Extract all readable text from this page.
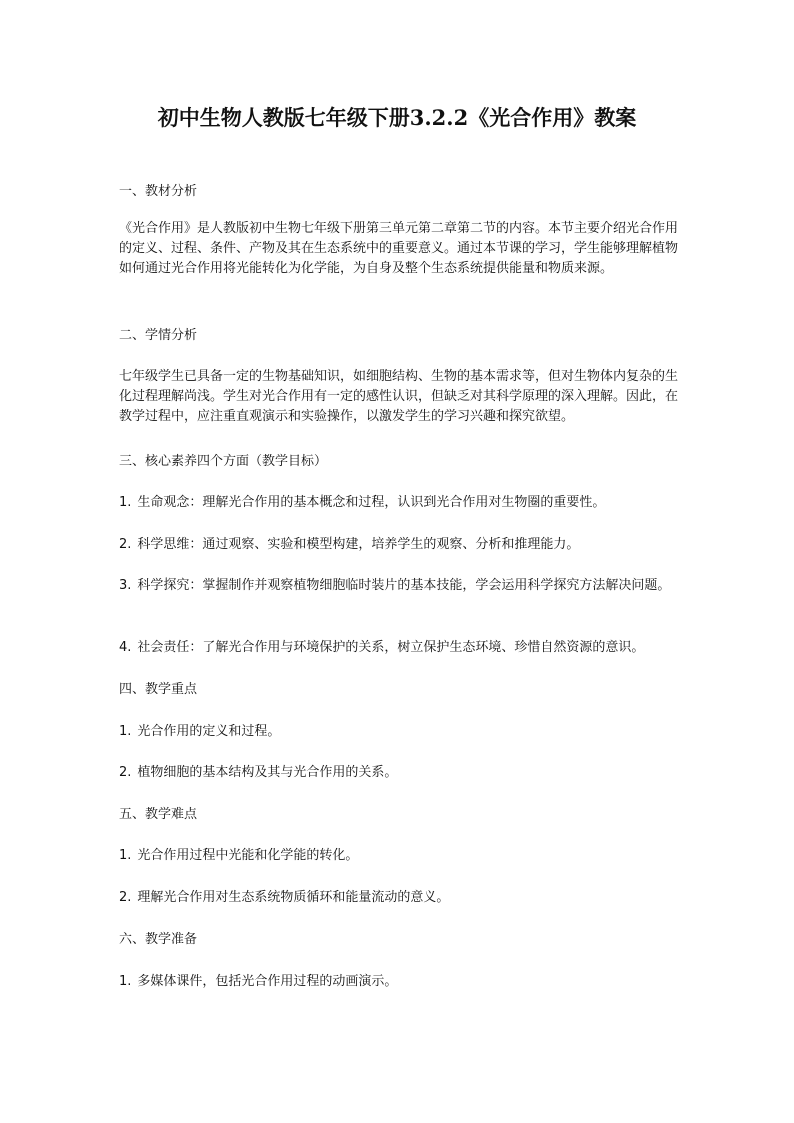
初中生物人教版七年级下册3.2.2《光合作用》教案
一、教材分析
《光合作用》是人教版初中生物七年级下册第三单元第二章第二节的内容。本节主要介绍光合作用的定义、过程、条件、产物及其在生态系统中的重要意义。通过本节课的学习，学生能够理解植物如何通过光合作用将光能转化为化学能，为自身及整个生态系统提供能量和物质来源。
二、学情分析
七年级学生已具备一定的生物基础知识，如细胞结构、生物的基本需求等，但对生物体内复杂的生化过程理解尚浅。学生对光合作用有一定的感性认识，但缺乏对其科学原理的深入理解。因此，在教学过程中，应注重直观演示和实验操作，以激发学生的学习兴趣和探究欲望。
三、核心素养四个方面（教学目标）
1. 生命观念：理解光合作用的基本概念和过程，认识到光合作用对生物圈的重要性。
2. 科学思维：通过观察、实验和模型构建，培养学生的观察、分析和推理能力。
3. 科学探究：掌握制作并观察植物细胞临时装片的基本技能，学会运用科学探究方法解决问题。
4. 社会责任：了解光合作用与环境保护的关系，树立保护生态环境、珍惜自然资源的意识。
四、教学重点
1. 光合作用的定义和过程。
2. 植物细胞的基本结构及其与光合作用的关系。
五、教学难点
1. 光合作用过程中光能和化学能的转化。
2. 理解光合作用对生态系统物质循环和能量流动的意义。
六、教学准备
1. 多媒体课件，包括光合作用过程的动画演示。
